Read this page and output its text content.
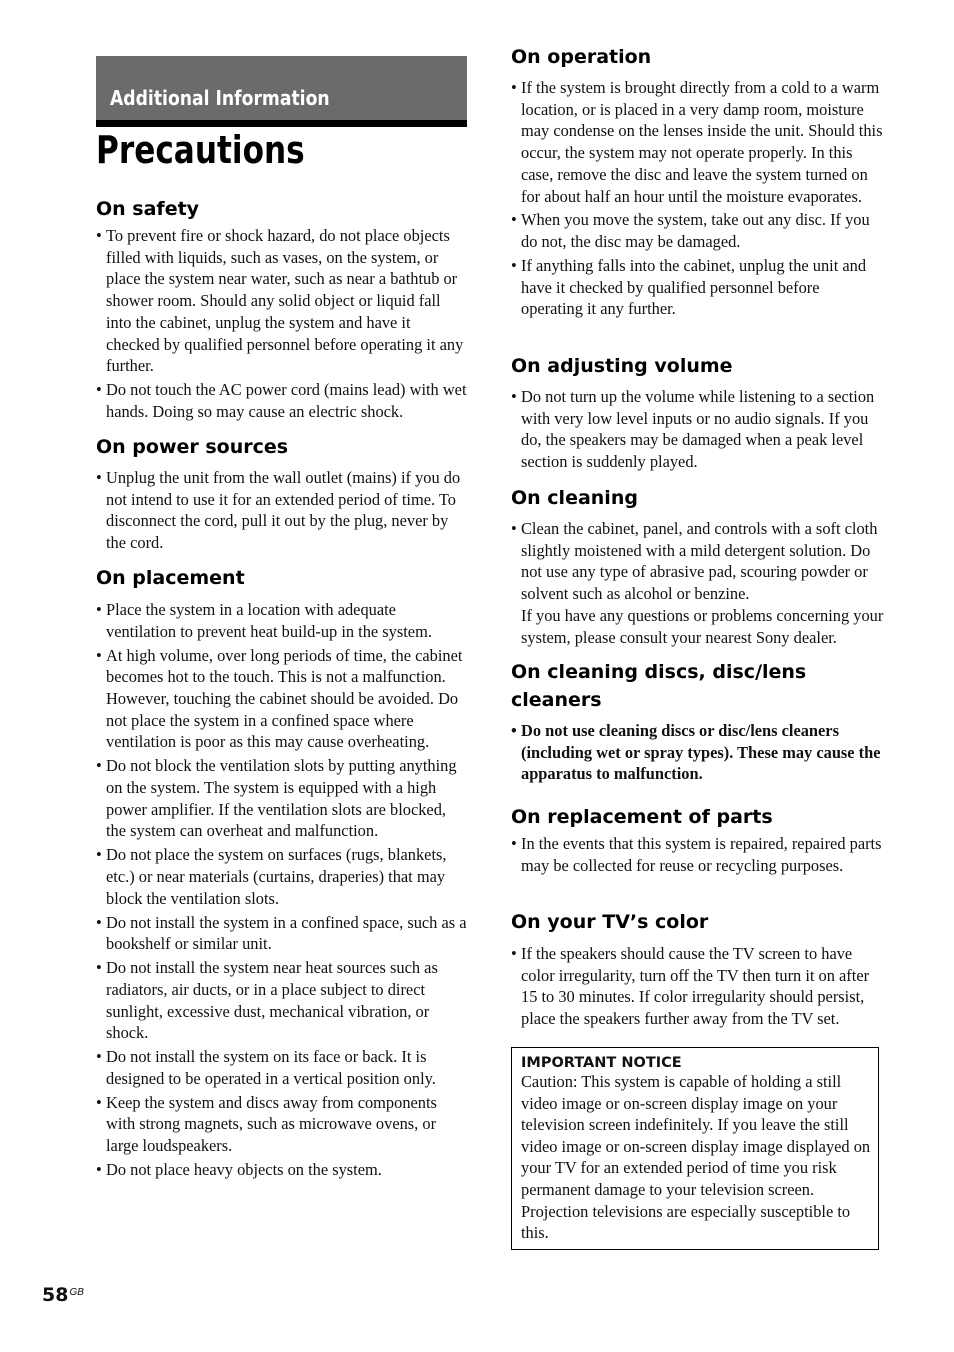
Additional Information
Precautions
On safety
• To prevent fire or shock hazard, do not place objects filled with liquids, such as vases, on the system, or place the system near water, such as near a bathtub or shower room. Should any solid object or liquid fall into the cabinet, unplug the system and have it checked by qualified personnel before operating it any further.
• Do not touch the AC power cord (mains lead) with wet hands. Doing so may cause an electric shock.
On power sources
• Unplug the unit from the wall outlet (mains) if you do not intend to use it for an extended period of time. To disconnect the cord, pull it out by the plug, never by the cord.
On placement
• Place the system in a location with adequate ventilation to prevent heat build-up in the system.
• At high volume, over long periods of time, the cabinet becomes hot to the touch. This is not a malfunction. However, touching the cabinet should be avoided. Do not place the system in a confined space where ventilation is poor as this may cause overheating.
• Do not block the ventilation slots by putting anything on the system. The system is equipped with a high power amplifier. If the ventilation slots are blocked, the system can overheat and malfunction.
• Do not place the system on surfaces (rugs, blankets, etc.) or near materials (curtains, draperies) that may block the ventilation slots.
• Do not install the system in a confined space, such as a bookshelf or similar unit.
• Do not install the system near heat sources such as radiators, air ducts, or in a place subject to direct sunlight, excessive dust, mechanical vibration, or shock.
• Do not install the system on its face or back. It is designed to be operated in a vertical position only.
• Keep the system and discs away from components with strong magnets, such as microwave ovens, or large loudspeakers.
• Do not place heavy objects on the system.
On operation
• If the system is brought directly from a cold to a warm location, or is placed in a very damp room, moisture may condense on the lenses inside the unit. Should this occur, the system may not operate properly. In this case, remove the disc and leave the system turned on for about half an hour until the moisture evaporates.
• When you move the system, take out any disc. If you do not, the disc may be damaged.
• If anything falls into the cabinet, unplug the unit and have it checked by qualified personnel before operating it any further.
On adjusting volume
• Do not turn up the volume while listening to a section with very low level inputs or no audio signals. If you do, the speakers may be damaged when a peak level section is suddenly played.
On cleaning
• Clean the cabinet, panel, and controls with a soft cloth slightly moistened with a mild detergent solution. Do not use any type of abrasive pad, scouring powder or solvent such as alcohol or benzine.
If you have any questions or problems concerning your system, please consult your nearest Sony dealer.
On cleaning discs, disc/lens
cleaners
• Do not use cleaning discs or disc/lens cleaners (including wet or spray types). These may cause the apparatus to malfunction.
On replacement of parts
• In the events that this system is repaired, repaired parts may be collected for reuse or recycling purposes.
On your TV’s color
• If the speakers should cause the TV screen to have color irregularity, turn off the TV then turn it on after 15 to 30 minutes. If color irregularity should persist, place the speakers further away from the TV set.
IMPORTANT NOTICE
Caution: This system is capable of holding a still video image or on-screen display image on your television screen indefinitely. If you leave the still video image or on-screen display image displayed on your TV for an extended period of time you risk permanent damage to your television screen. Projection televisions are especially susceptible to this.
$58^{GB}$
